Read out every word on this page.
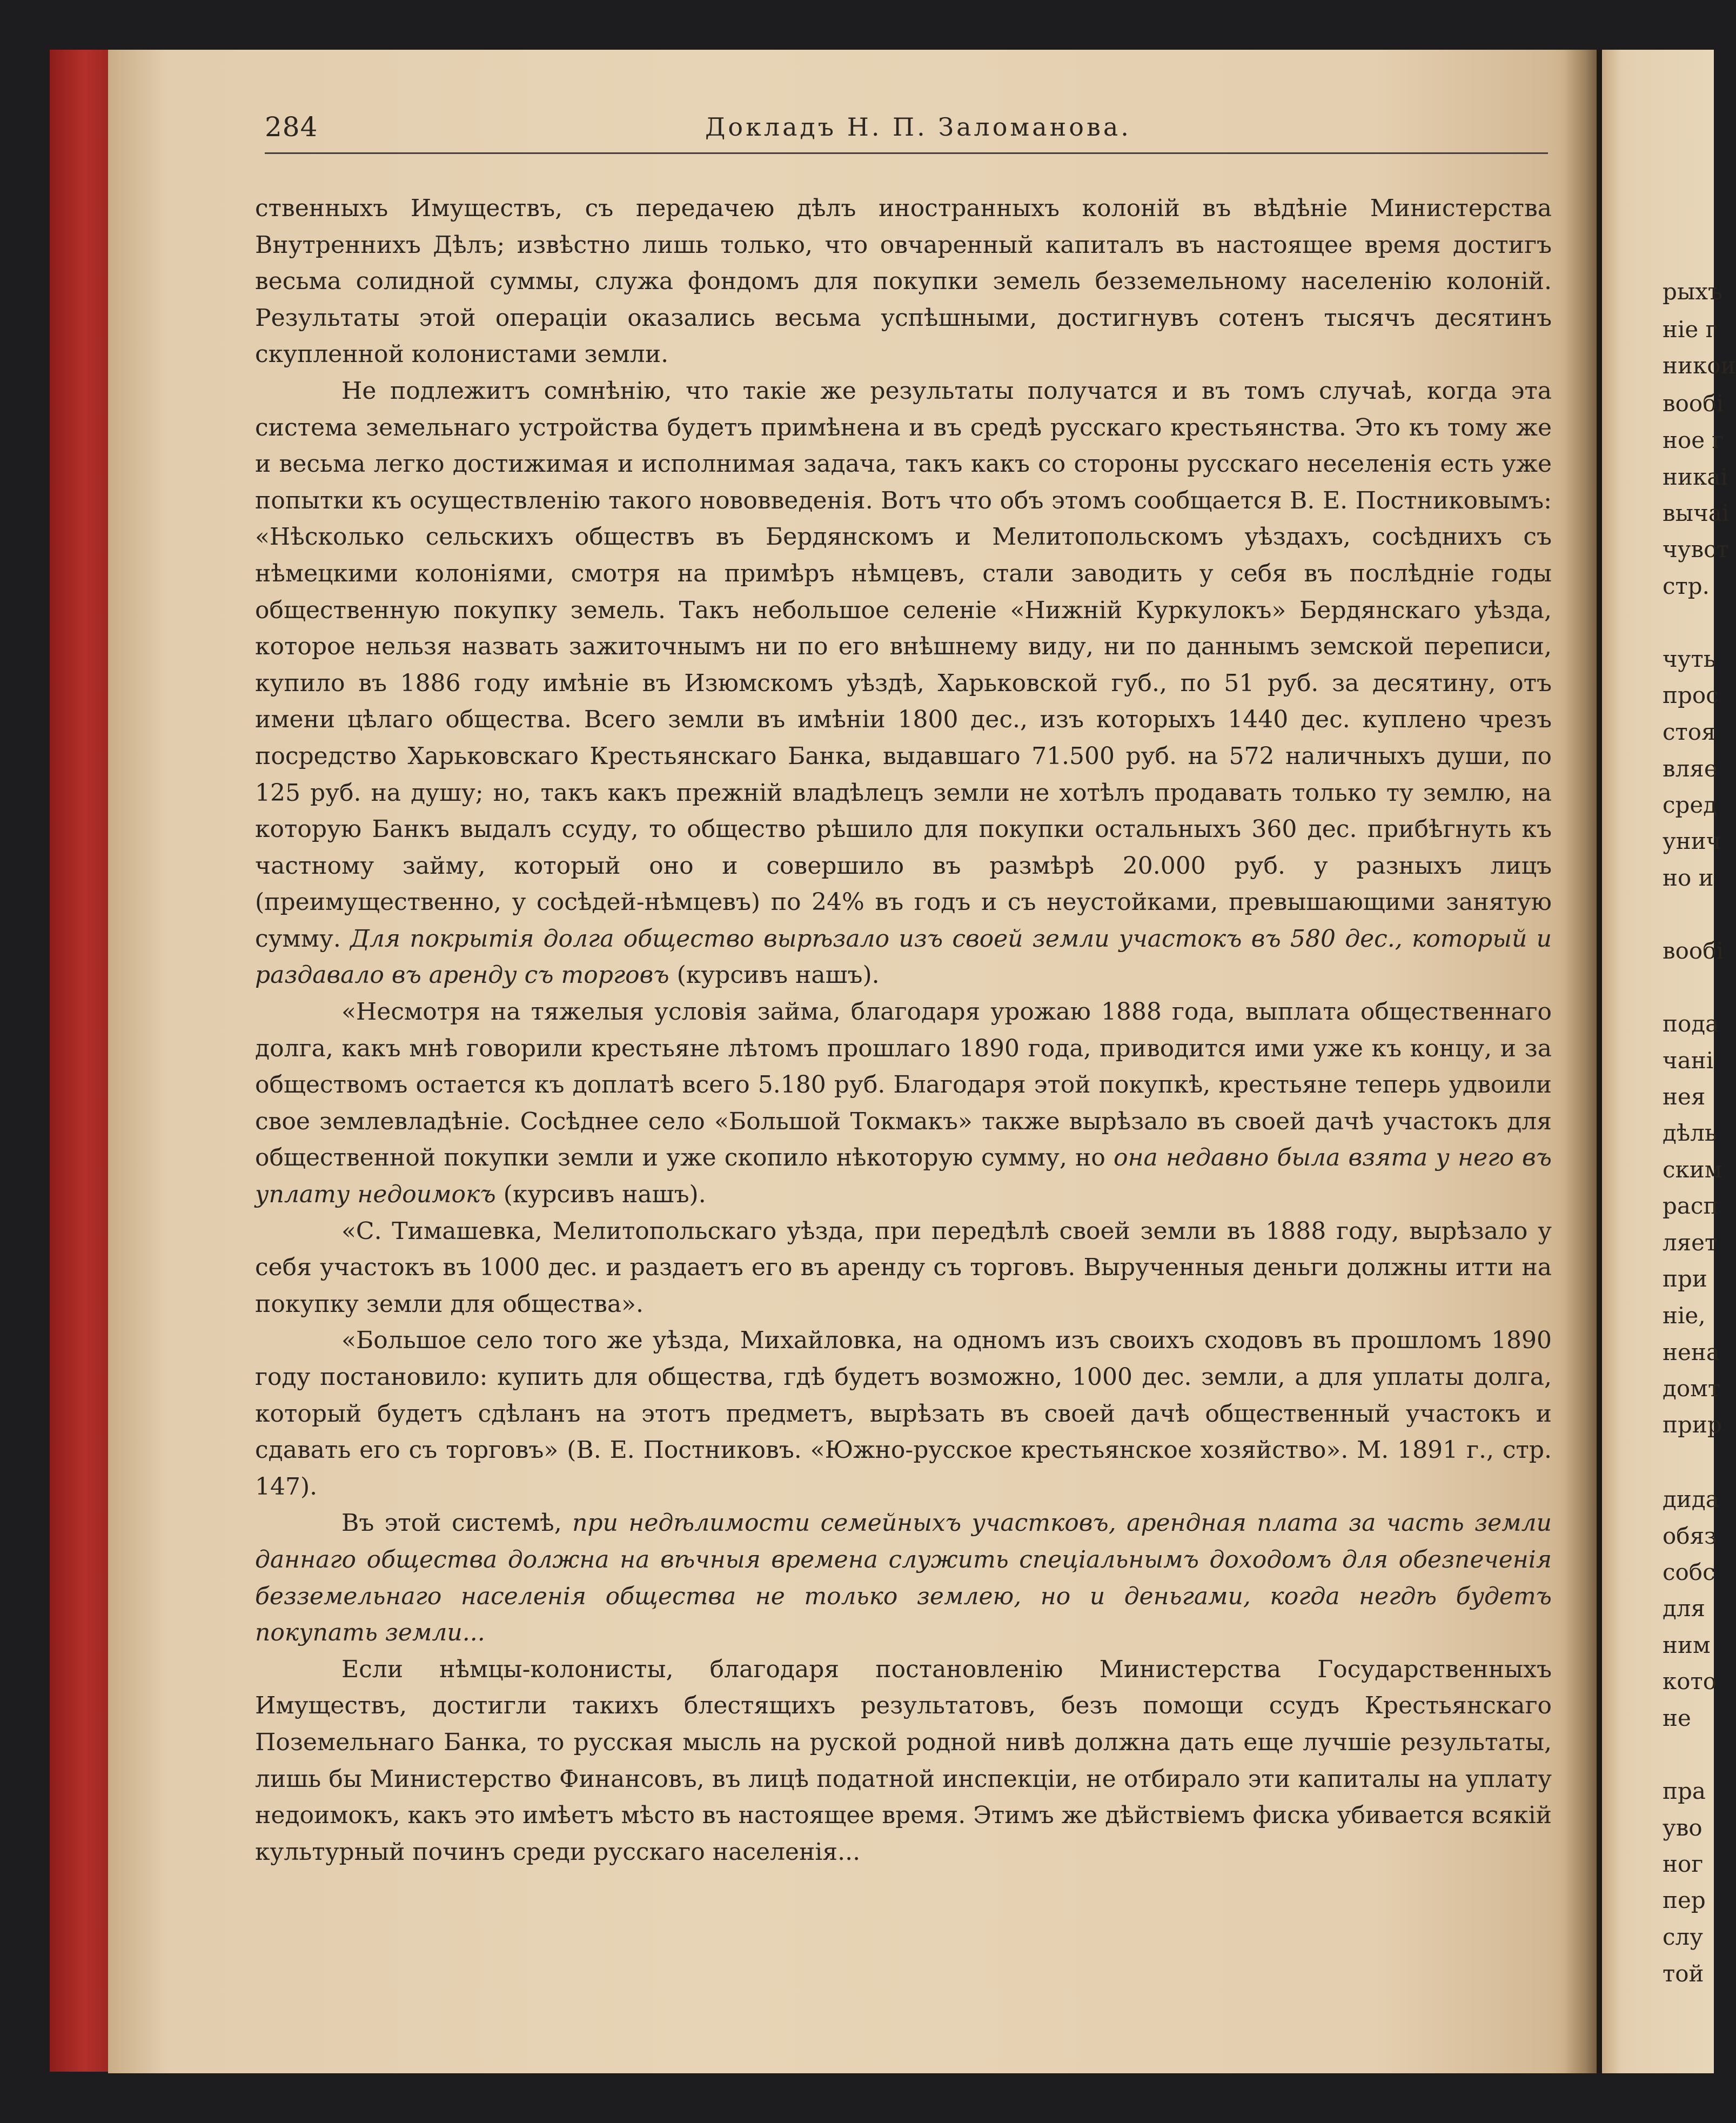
284	Докладъ Н. П. Заломанова.

ственныхъ Имуществъ, съ передачею дѣлъ иностранныхъ колоній въ вѣдѣніе Министерства Внутреннихъ Дѣлъ; извѣстно лишь только, что овчаренный капиталъ въ настоящее время достигъ весьма солидной суммы, служа фондомъ для покупки земель безземельному населенію колоній. Результаты этой операціи оказались весьма успѣшными, достигнувъ сотенъ тысячъ десятинъ скупленной колонистами земли.

Не подлежитъ сомнѣнію, что такіе же результаты получатся и въ томъ случаѣ, когда эта система земельнаго устройства будетъ примѣнена и въ средѣ русскаго крестьянства. Это къ тому же и весьма легко достижимая и исполнимая задача, такъ какъ со стороны русскаго неселенія есть уже попытки къ осуществленію такого нововведенія. Вотъ что объ этомъ сообщается В. Е. Постниковымъ: «Нѣсколько сельскихъ обществъ въ Бердянскомъ и Мелитопольскомъ уѣздахъ, сосѣднихъ съ нѣмецкими колоніями, смотря на примѣръ нѣмцевъ, стали заводить у себя въ послѣдніе годы общественную покупку земель. Такъ небольшое селеніе «Нижній Куркулокъ» Бердянскаго уѣзда, которое нельзя назвать зажиточнымъ ни по его внѣшнему виду, ни по даннымъ земской переписи, купило въ 1886 году имѣніе въ Изюмскомъ уѣздѣ, Харьковской губ., по 51 руб. за десятину, отъ имени цѣлаго общества. Всего земли въ имѣніи 1800 дес., изъ которыхъ 1440 дес. куплено чрезъ посредство Харьковскаго Крестьянскаго Банка, выдавшаго 71.500 руб. на 572 наличныхъ души, по 125 руб. на душу; но, такъ какъ прежній владѣлецъ земли не хотѣлъ продавать только ту землю, на которую Банкъ выдалъ ссуду, то общество рѣшило для покупки остальныхъ 360 дес. прибѣгнуть къ частному займу, который оно и совершило въ размѣрѣ 20.000 руб. у разныхъ лицъ (преимущественно, у сосѣдей-нѣмцевъ) по 24% въ годъ и съ неустойками, превышающими занятую сумму. Для покрытія долга общество вырѣзало изъ своей земли участокъ въ 580 дес., который и раздавало въ аренду съ торговъ (курсивъ нашъ).

«Несмотря на тяжелыя условія займа, благодаря урожаю 1888 года, выплата общественнаго долга, какъ мнѣ говорили крестьяне лѣтомъ прошлаго 1890 года, приводится ими уже къ концу, и за обществомъ остается къ доплатѣ всего 5.180 руб. Благодаря этой покупкѣ, крестьяне теперь удвоили свое землевладѣніе. Сосѣднее село «Большой Токмакъ» также вырѣзало въ своей дачѣ участокъ для общественной покупки земли и уже скопило нѣкоторую сумму, но она недавно была взята у него въ уплату недоимокъ (курсивъ нашъ).

«С. Тимашевка, Мелитопольскаго уѣзда, при передѣлѣ своей земли въ 1888 году, вырѣзало у себя участокъ въ 1000 дес. и раздаетъ его въ аренду съ торговъ. Вырученныя деньги должны итти на покупку земли для общества».

«Большое село того же уѣзда, Михайловка, на одномъ изъ своихъ сходовъ въ прошломъ 1890 году постановило: купить для общества, гдѣ будетъ возможно, 1000 дес. земли, а для уплаты долга, который будетъ сдѣланъ на этотъ предметъ, вырѣзать въ своей дачѣ общественный участокъ и сдавать его съ торговъ» (В. Е. Постниковъ. «Южно-русское крестьянское хозяйство». М. 1891 г., стр. 147).

Въ этой системѣ, при недѣлимости семейныхъ участковъ, арендная плата за часть земли даннаго общества должна на вѣчныя времена служить спеціальнымъ доходомъ для обезпеченія безземельнаго населенія общества не только землею, но и деньгами, когда негдѣ будетъ покупать земли...

Если нѣмцы-колонисты, благодаря постановленію Министерства Государственныхъ Имуществъ, достигли такихъ блестящихъ результатовъ, безъ помощи ссудъ Крестьянскаго Поземельнаго Банка, то русская мысль на руской родной нивѣ должна дать еще лучшіе результаты, лишь бы Министерство Финансовъ, въ лицѣ податной инспекціи, не отбирало эти капиталы на уплату недоимокъ, какъ это имѣетъ мѣсто въ настоящее время. Этимъ же дѣйствіемъ фиска убивается всякій культурный починъ среди русскаго населенія...

рыхъ
ніе г
никои
вообі
ное г
никаі
вычаі
чувст
стр.
чуть
прос
стоя
вляе
сред
унич
но и
вообі
пода
чані
нея
дѣль
ским
расп
ляет
при
ніе,
нена
домт
прир
дида
обяз
собс
для
ним
кото
не
пра
уво
ног
пер
слу
той
